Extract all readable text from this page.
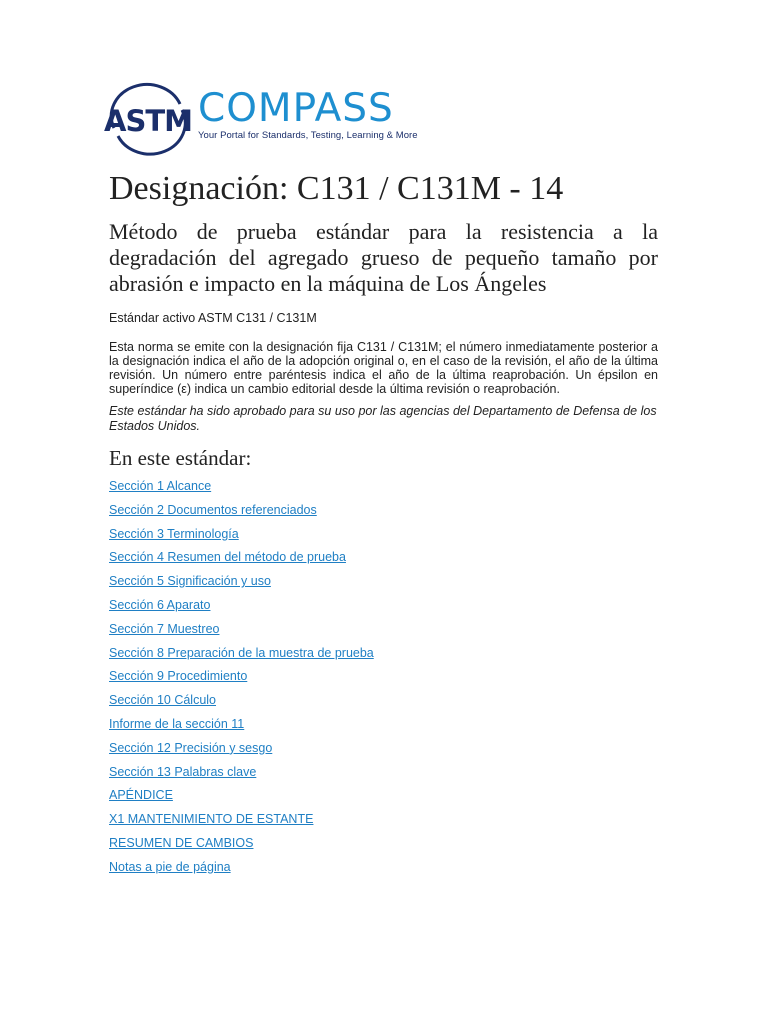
ASTM COMPASS
Your Portal for Standards, Testing, Learning & More
Designación: C131 / C131M - 14

Método de prueba estándar para la resistencia a la degradación del agregado grueso de pequeño tamaño por abrasión e impacto en la máquina de Los Ángeles

Estándar activo ASTM C131 / C131M

Esta norma se emite con la designación fija C131 / C131M; el número inmediatamente posterior a la designación indica el año de la adopción original o, en el caso de la revisión, el año de la última revisión. Un número entre paréntesis indica el año de la última reaprobación. Un épsilon en superíndice (ε) indica un cambio editorial desde la última revisión o reaprobación.

Este estándar ha sido aprobado para su uso por las agencias del Departamento de Defensa de los Estados Unidos.

En este estándar:
Sección 1 Alcance
Sección 2 Documentos referenciados
Sección 3 Terminología
Sección 4 Resumen del método de prueba
Sección 5 Significación y uso
Sección 6 Aparato
Sección 7 Muestreo
Sección 8 Preparación de la muestra de prueba
Sección 9 Procedimiento
Sección 10 Cálculo
Informe de la sección 11
Sección 12 Precisión y sesgo
Sección 13 Palabras clave
APÉNDICE
X1 MANTENIMIENTO DE ESTANTE
RESUMEN DE CAMBIOS
Notas a pie de página
